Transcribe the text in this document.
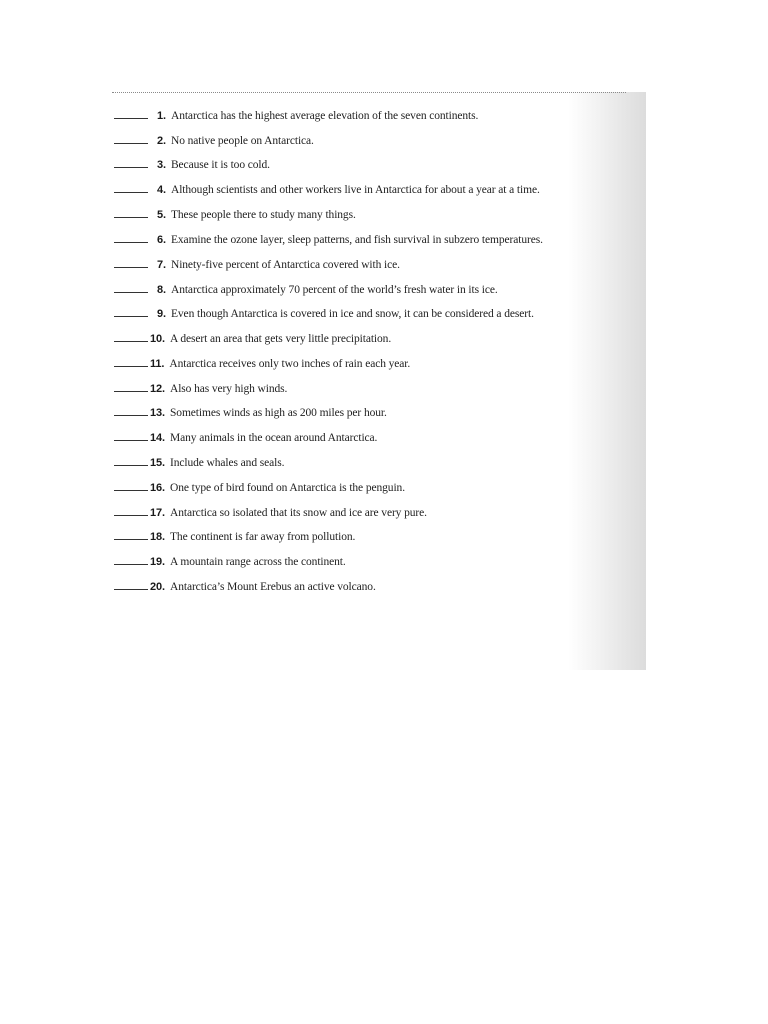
1. Antarctica has the highest average elevation of the seven continents.
2. No native people on Antarctica.
3. Because it is too cold.
4. Although scientists and other workers live in Antarctica for about a year at a time.
5. These people there to study many things.
6. Examine the ozone layer, sleep patterns, and fish survival in subzero temperatures.
7. Ninety-five percent of Antarctica covered with ice.
8. Antarctica approximately 70 percent of the world’s fresh water in its ice.
9. Even though Antarctica is covered in ice and snow, it can be considered a desert.
10. A desert an area that gets very little precipitation.
11. Antarctica receives only two inches of rain each year.
12. Also has very high winds.
13. Sometimes winds as high as 200 miles per hour.
14. Many animals in the ocean around Antarctica.
15. Include whales and seals.
16. One type of bird found on Antarctica is the penguin.
17. Antarctica so isolated that its snow and ice are very pure.
18. The continent is far away from pollution.
19. A mountain range across the continent.
20. Antarctica’s Mount Erebus an active volcano.
